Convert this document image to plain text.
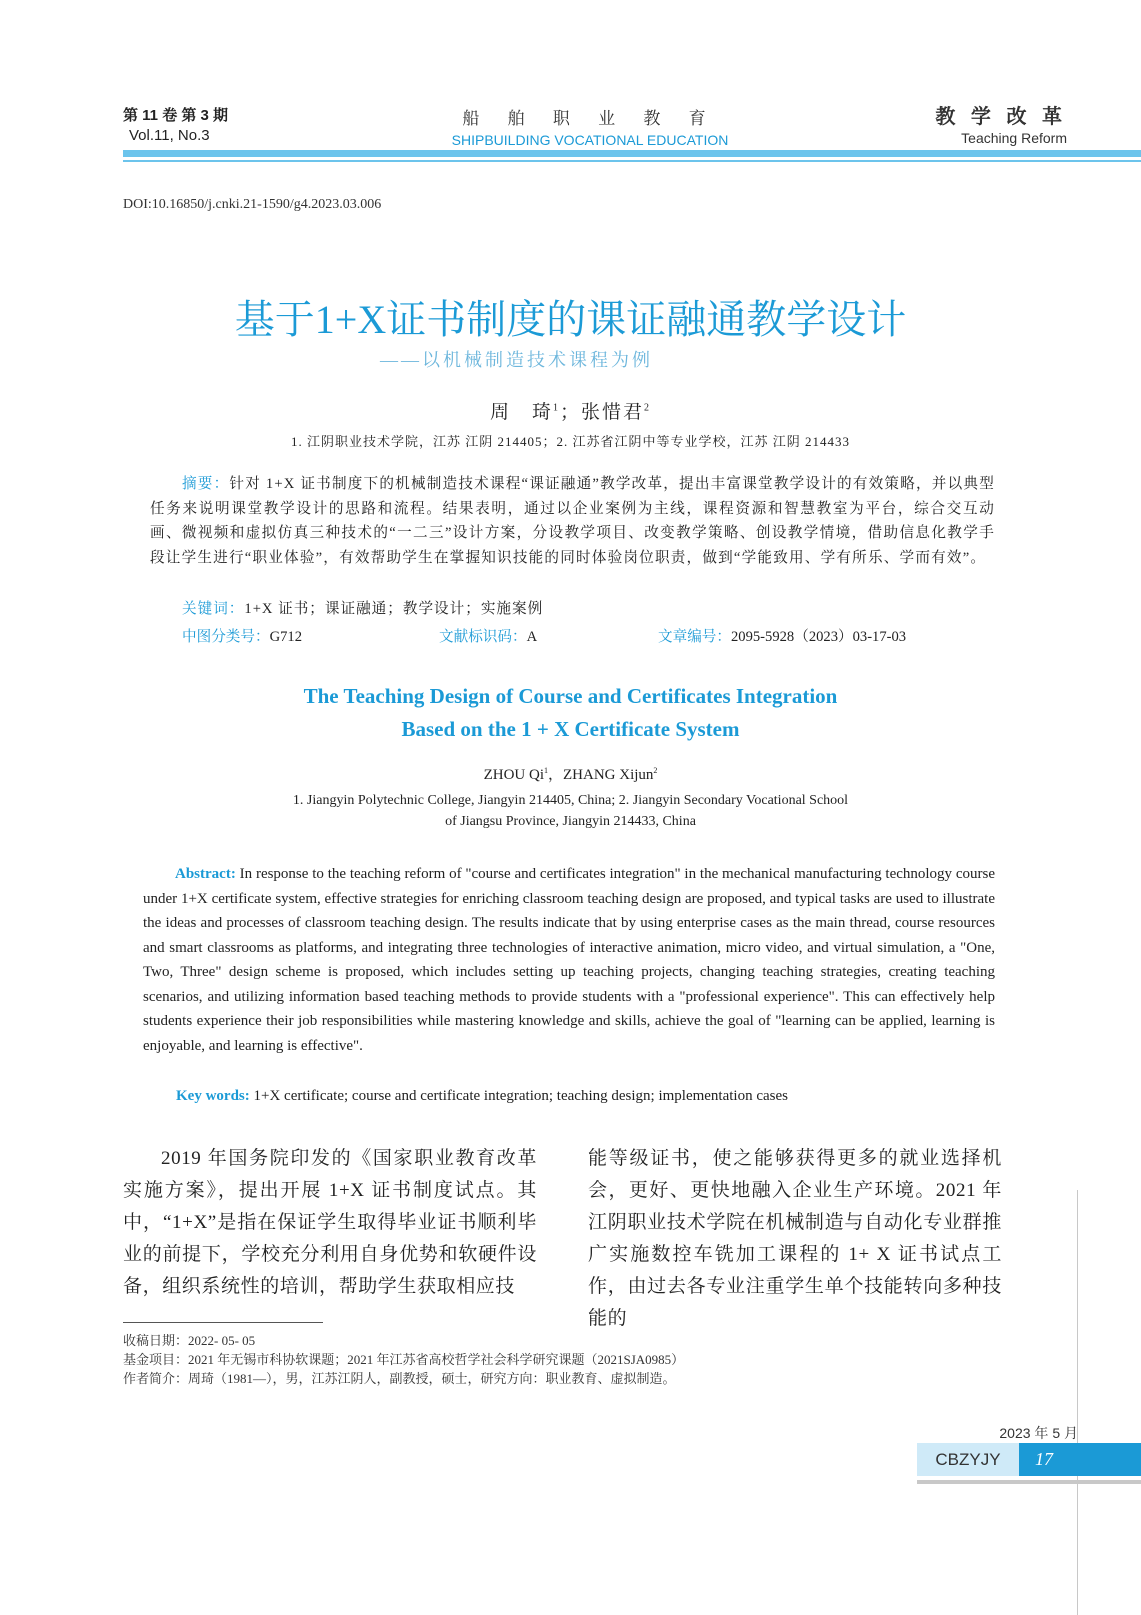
第 11 卷 第 3 期
Vol.11, No.3
船 舶 职 业 教 育
SHIPBUILDING VOCATIONAL EDUCATION
教 学 改 革
Teaching Reform
DOI:10.16850/j.cnki.21-1590/g4.2023.03.006
基于1+X证书制度的课证融通教学设计
——以机械制造技术课程为例
周　琦$^1$；张惜君$^2$
1. 江阴职业技术学院，江苏 江阴 214405；2. 江苏省江阴中等专业学校，江苏 江阴 214433
摘要：针对 1+X 证书制度下的机械制造技术课程“课证融通”教学改革，提出丰富课堂教学设计的有效策略，并以典型任务来说明课堂教学设计的思路和流程。结果表明，通过以企业案例为主线，课程资源和智慧教室为平台，综合交互动画、微视频和虚拟仿真三种技术的“一二三”设计方案，分设教学项目、改变教学策略、创设教学情境，借助信息化教学手段让学生进行“职业体验”，有效帮助学生在掌握知识技能的同时体验岗位职责，做到“学能致用、学有所乐、学而有效”。
关键词：1+X 证书；课证融通；教学设计；实施案例
中图分类号：G712	文献标识码：A	文章编号：2095-5928（2023）03-17-03
The Teaching Design of Course and Certificates Integration
Based on the 1 + X Certificate System
ZHOU Qi$^1$，ZHANG Xijun$^2$
1. Jiangyin Polytechnic College, Jiangyin 214405, China; 2. Jiangyin Secondary Vocational School
of Jiangsu Province, Jiangyin 214433, China
Abstract: In response to the teaching reform of "course and certificates integration" in the mechanical manufacturing technology course under 1+X certificate system, effective strategies for enriching classroom teaching design are proposed, and typical tasks are used to illustrate the ideas and processes of classroom teaching design. The results indicate that by using enterprise cases as the main thread, course resources and smart classrooms as platforms, and integrating three technologies of interactive animation, micro video, and virtual simulation, a "One, Two, Three" design scheme is proposed, which includes setting up teaching projects, changing teaching strategies, creating teaching scenarios, and utilizing information based teaching methods to provide students with a "professional experience". This can effectively help students experience their job responsibilities while mastering knowledge and skills, achieve the goal of "learning can be applied, learning is enjoyable, and learning is effective".
Key words: 1+X certificate; course and certificate integration; teaching design; implementation cases

2019 年国务院印发的《国家职业教育改革实施方案》，提出开展 1+X 证书制度试点。其中，“1+X”是指在保证学生取得毕业证书顺利毕业的前提下，学校充分利用自身优势和软硬件设备，组织系统性的培训，帮助学生获取相应技

能等级证书，使之能够获得更多的就业选择机会，更好、更快地融入企业生产环境。2021 年江阴职业技术学院在机械制造与自动化专业群推广实施数控车铣加工课程的 1+ X 证书试点工作，由过去各专业注重学生单个技能转向多种技能的

收稿日期：2022- 05- 05
基金项目：2021 年无锡市科协软课题；2021 年江苏省高校哲学社会科学研究课题（2021SJA0985）
作者简介：周琦（1981—），男，江苏江阴人，副教授，硕士，研究方向：职业教育、虚拟制造。
2023 年 5 月
CBZYJY	17
